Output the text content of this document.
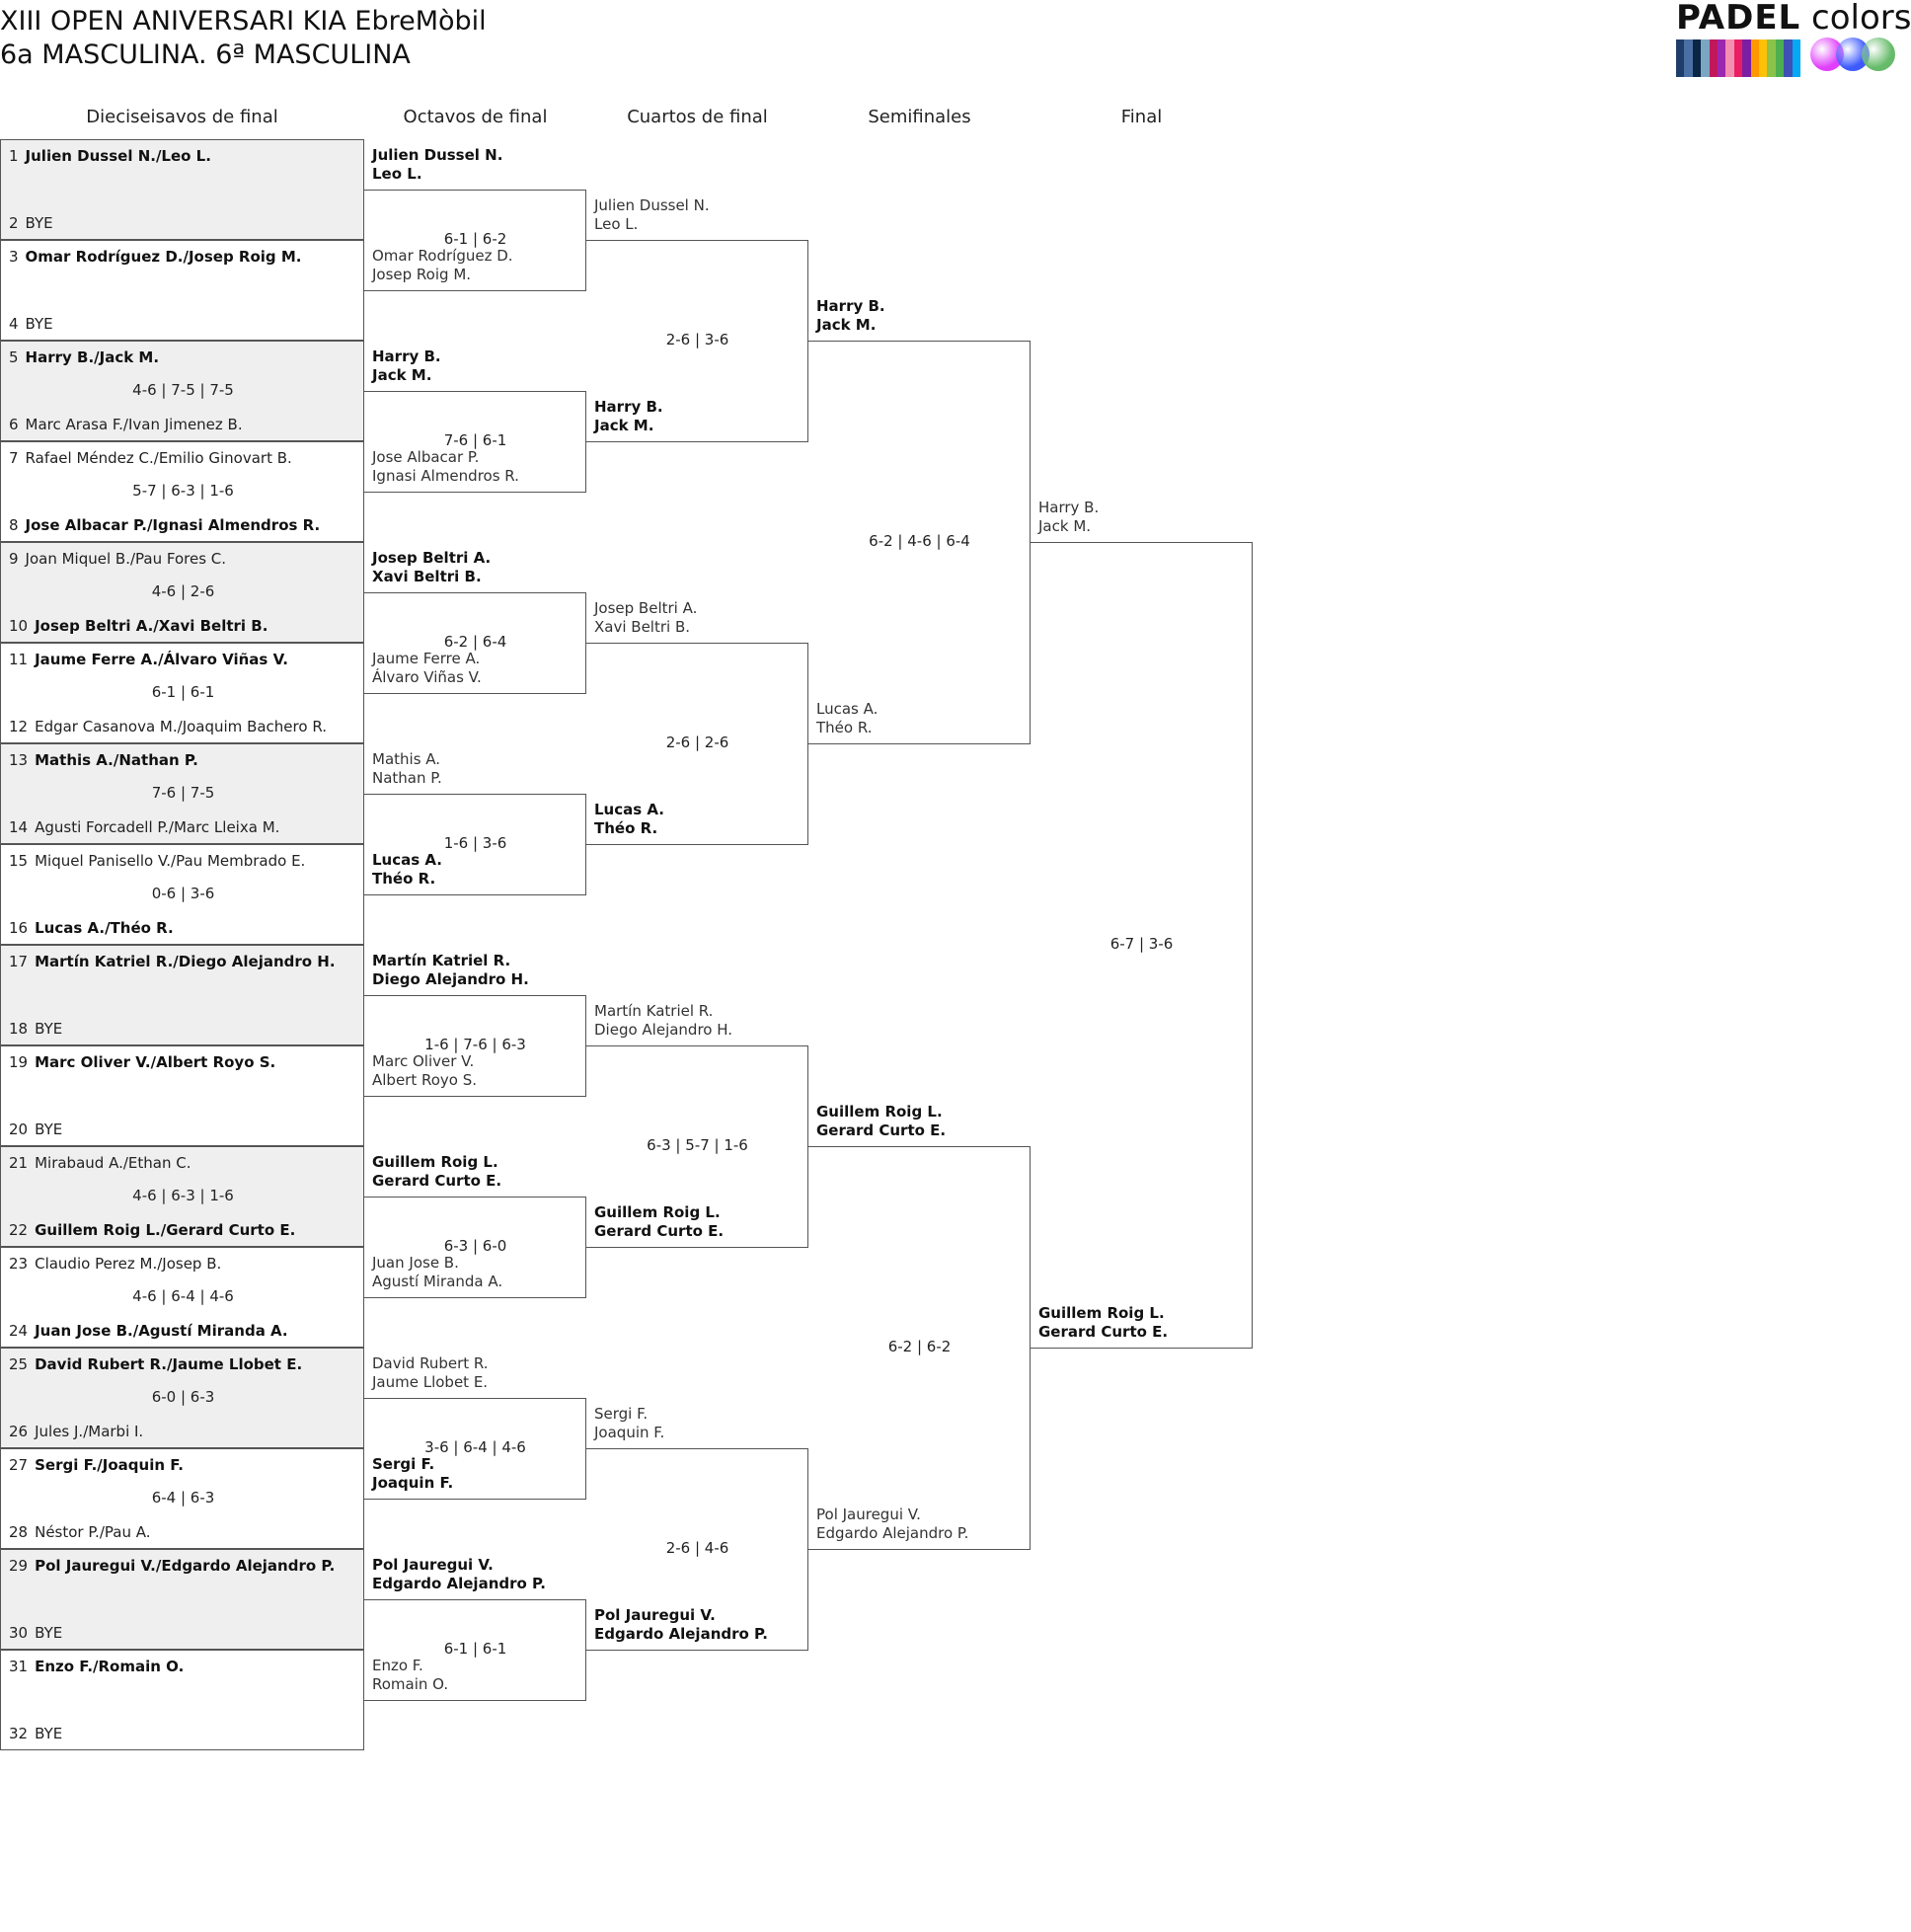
XIII OPEN ANIVERSARI KIA EbreMòbil
6a MASCULINA. 6ª MASCULINA
PADEL colors
Dieciseisavos de final	Octavos de final	Cuartos de final	Semifinales	Final
1 Julien Dussel N./Leo L.
2 BYE
3 Omar Rodríguez D./Josep Roig M.
4 BYE
5 Harry B./Jack M.
6 Marc Arasa F./Ivan Jimenez B.
4-6 | 7-5 | 7-5
7 Rafael Méndez C./Emilio Ginovart B.
8 Jose Albacar P./Ignasi Almendros R.
5-7 | 6-3 | 1-6
9 Joan Miquel B./Pau Fores C.
10 Josep Beltri A./Xavi Beltri B.
4-6 | 2-6
11 Jaume Ferre A./Álvaro Viñas V.
12 Edgar Casanova M./Joaquim Bachero R.
6-1 | 6-1
13 Mathis A./Nathan P.
14 Agusti Forcadell P./Marc Lleixa M.
7-6 | 7-5
15 Miquel Panisello V./Pau Membrado E.
16 Lucas A./Théo R.
0-6 | 3-6
17 Martín Katriel R./Diego Alejandro H.
18 BYE
19 Marc Oliver V./Albert Royo S.
20 BYE
21 Mirabaud A./Ethan C.
22 Guillem Roig L./Gerard Curto E.
4-6 | 6-3 | 1-6
23 Claudio Perez M./Josep B.
24 Juan Jose B./Agustí Miranda A.
4-6 | 6-4 | 4-6
25 David Rubert R./Jaume Llobet E.
26 Jules J./Marbi I.
6-0 | 6-3
27 Sergi F./Joaquin F.
28 Néstor P./Pau A.
6-4 | 6-3
29 Pol Jauregui V./Edgardo Alejandro P.
30 BYE
31 Enzo F./Romain O.
32 BYE
Julien Dussel N.
Leo L.
Omar Rodríguez D.
Josep Roig M.
6-1 | 6-2
Harry B.
Jack M.
Jose Albacar P.
Ignasi Almendros R.
7-6 | 6-1
Josep Beltri A.
Xavi Beltri B.
Jaume Ferre A.
Álvaro Viñas V.
6-2 | 6-4
Mathis A.
Nathan P.
Lucas A.
Théo R.
1-6 | 3-6
Martín Katriel R.
Diego Alejandro H.
Marc Oliver V.
Albert Royo S.
1-6 | 7-6 | 6-3
Guillem Roig L.
Gerard Curto E.
Juan Jose B.
Agustí Miranda A.
6-3 | 6-0
David Rubert R.
Jaume Llobet E.
Sergi F.
Joaquin F.
3-6 | 6-4 | 4-6
Pol Jauregui V.
Edgardo Alejandro P.
Enzo F.
Romain O.
6-1 | 6-1
Julien Dussel N.
Leo L.
Harry B.
Jack M.
2-6 | 3-6
Josep Beltri A.
Xavi Beltri B.
Lucas A.
Théo R.
2-6 | 2-6
Martín Katriel R.
Diego Alejandro H.
Guillem Roig L.
Gerard Curto E.
6-3 | 5-7 | 1-6
Sergi F.
Joaquin F.
Pol Jauregui V.
Edgardo Alejandro P.
2-6 | 4-6
Harry B.
Jack M.
Lucas A.
Théo R.
6-2 | 4-6 | 6-4
Guillem Roig L.
Gerard Curto E.
Pol Jauregui V.
Edgardo Alejandro P.
6-2 | 6-2
Harry B.
Jack M.
Guillem Roig L.
Gerard Curto E.
6-7 | 3-6
